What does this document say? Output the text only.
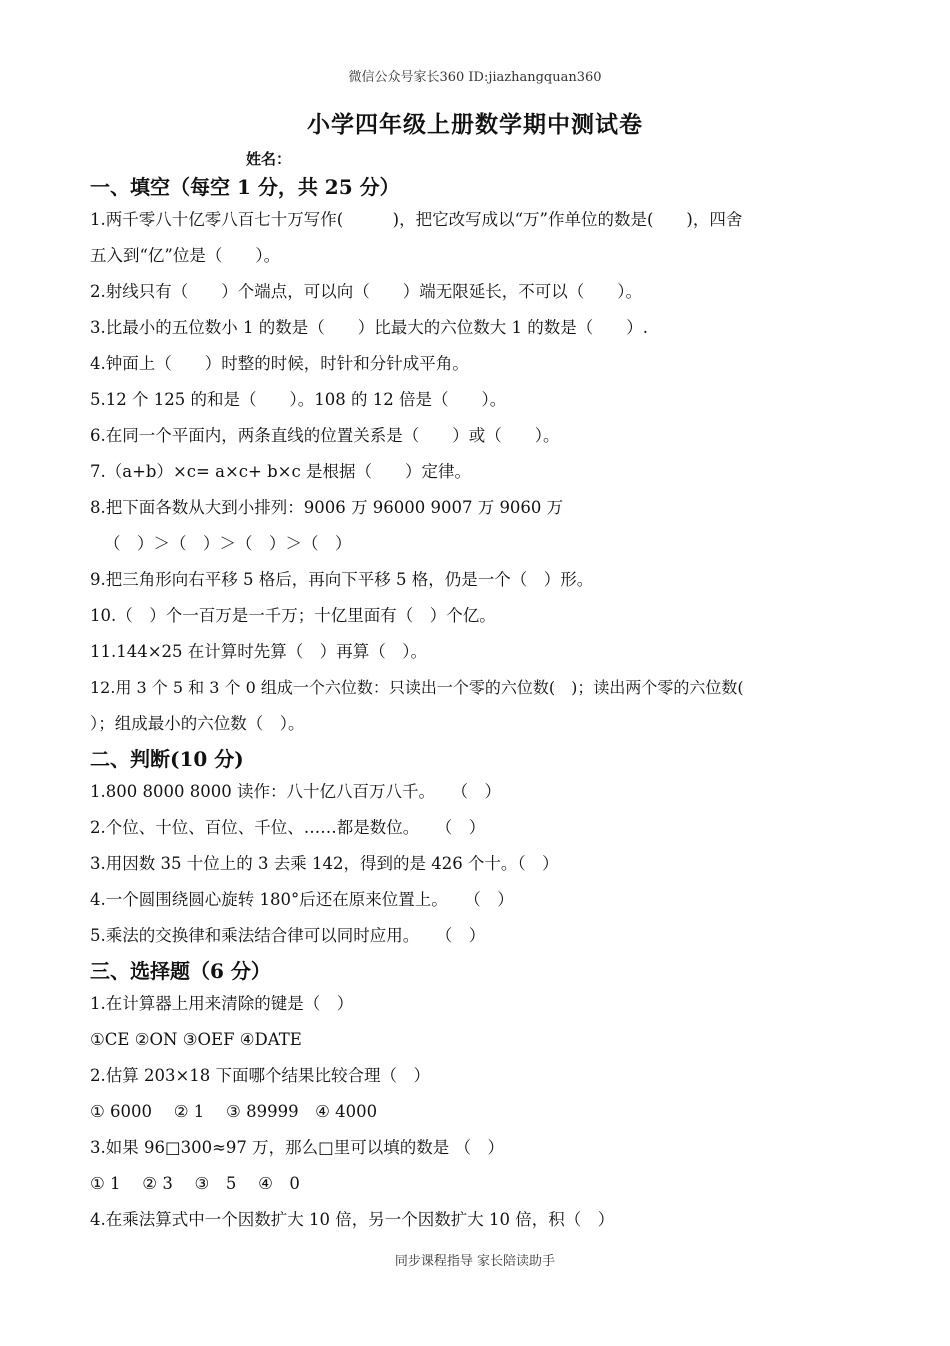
微信公众号家长360 ID:jiazhangquan360
小学四年级上册数学期中测试卷
姓名：
一、填空（每空 1 分，共 25 分）
1.两千零八十亿零八百七十万写作(　　　)，把它改写成以“万”作单位的数是(　　)，四舍
五入到“亿”位是（　　）。
2.射线只有（　　）个端点，可以向（　　）端无限延长，不可以（　　）。
3.比最小的五位数小 1 的数是（　　）比最大的六位数大 1 的数是（　　）.
4.钟面上（　　）时整的时候，时针和分针成平角。
5.12 个 125 的和是（　　）。108 的 12 倍是（　　）。
6.在同一个平面内，两条直线的位置关系是（　　）或（　　）。
7.（a+b）×c= a×c+ b×c 是根据（　　）定律。
8.把下面各数从大到小排列：9006 万 96000 9007 万 9060 万
（　）＞（　）＞（　）＞（　）
9.把三角形向右平移 5 格后，再向下平移 5 格，仍是一个（　）形。
10.（　）个一百万是一千万；十亿里面有（　）个亿。
11.144×25 在计算时先算（　）再算（　）。
12.用 3 个 5 和 3 个 0 组成一个六位数：只读出一个零的六位数(　)；读出两个零的六位数(
）；组成最小的六位数（　）。
二、判断(10 分)
1.800 8000 8000 读作：八十亿八百万八千。　　（　）
2.个位、十位、百位、千位、……都是数位。　　（　）
3.用因数 35 十位上的 3 去乘 142，得到的是 426 个十。（　）
4.一个圆围绕圆心旋转 180°后还在原来位置上。　　（　）
5.乘法的交换律和乘法结合律可以同时应用。　　（　）
三、选择题（6 分）
1.在计算器上用来清除的键是（　）
①CE ②ON ③OEF ④DATE
2.估算 203×18 下面哪个结果比较合理（　）
① 6000　 ② 1　 ③ 89999　④ 4000
3.如果 96□300≈97 万，那么□里可以填的数是 （　）
① 1　 ② 3　 ③　5　 ④　0
4.在乘法算式中一个因数扩大 10 倍，另一个因数扩大 10 倍，积（　）
同步课程指导 家长陪读助手
